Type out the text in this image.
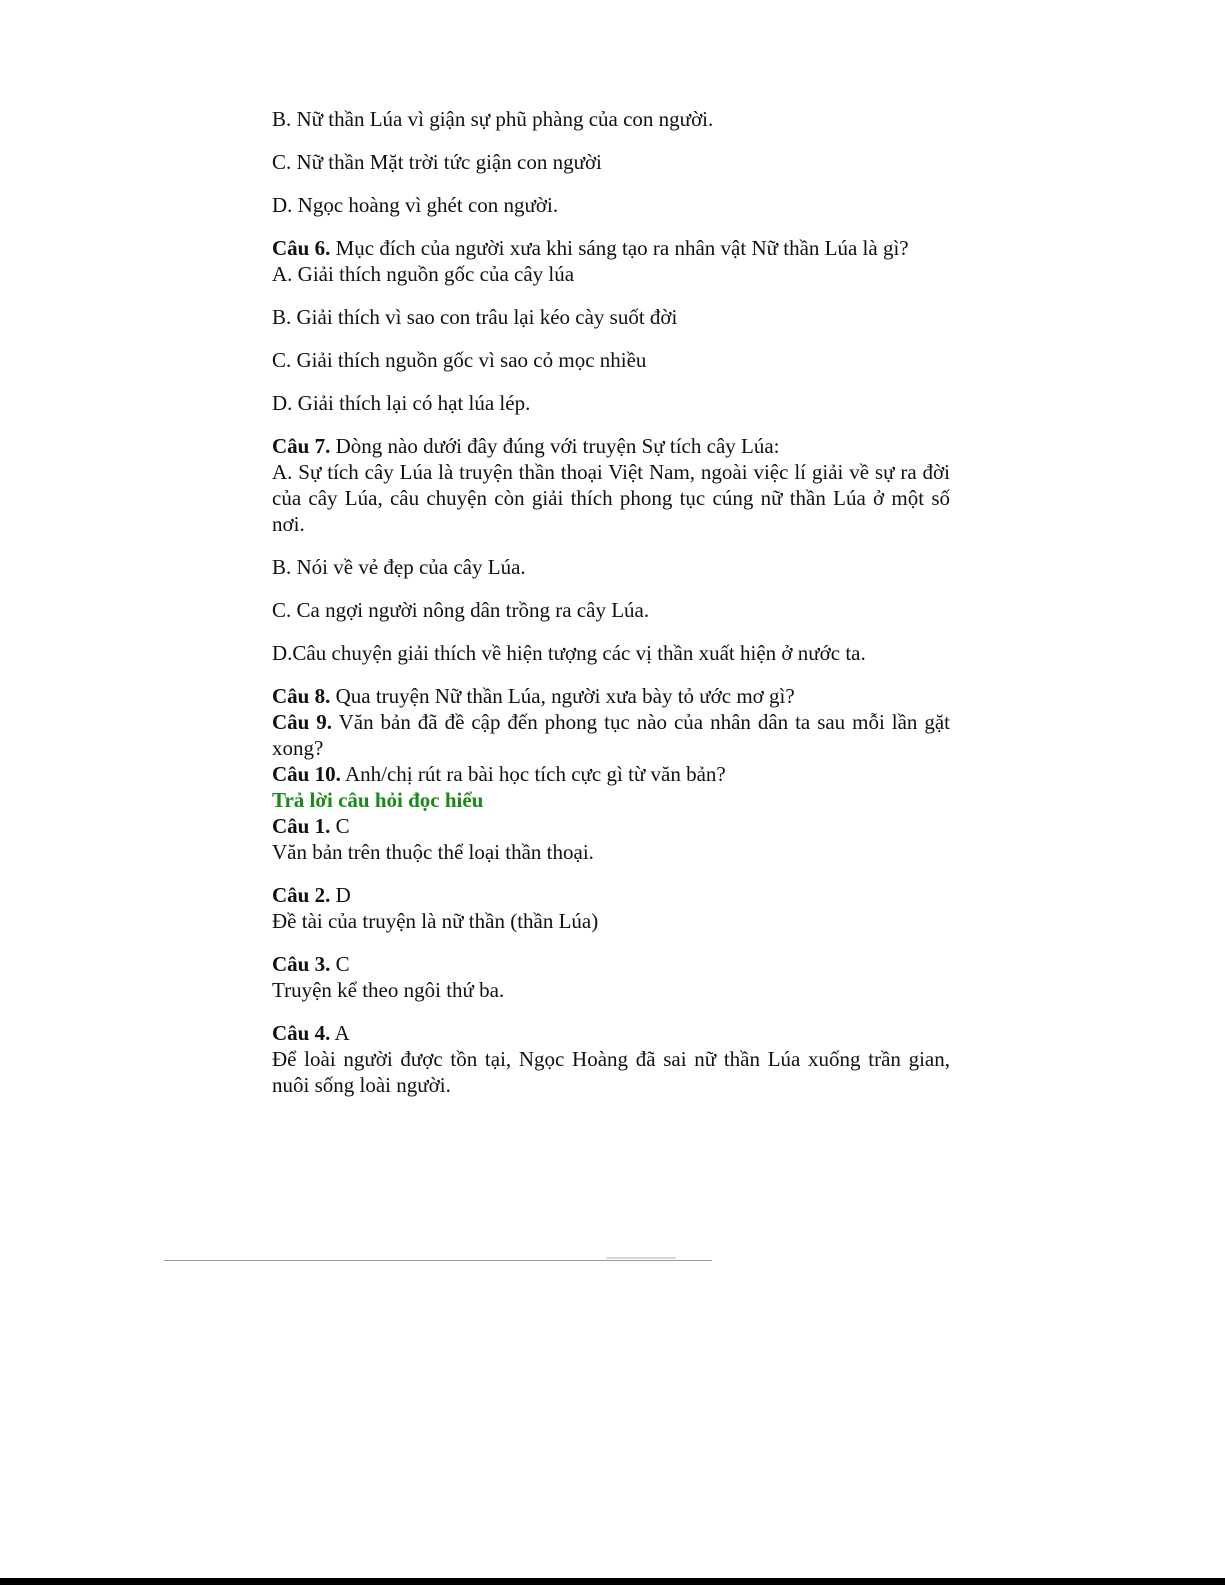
B. Nữ thần Lúa vì giận sự phũ phàng của con người.

C. Nữ thần Mặt trời tức giận con người

D. Ngọc hoàng vì ghét con người.

Câu 6. Mục đích của người xưa khi sáng tạo ra nhân vật Nữ thần Lúa là gì?

A. Giải thích nguồn gốc của cây lúa

B. Giải thích vì sao con trâu lại kéo cày suốt đời

C. Giải thích nguồn gốc vì sao cỏ mọc nhiều

D. Giải thích lại có hạt lúa lép.

Câu 7. Dòng nào dưới đây đúng với truyện Sự tích cây Lúa:

A. Sự tích cây Lúa là truyện thần thoại Việt Nam, ngoài việc lí giải về sự ra đời của cây Lúa, câu chuyện còn giải thích phong tục cúng nữ thần Lúa ở một số nơi.

B. Nói về vẻ đẹp của cây Lúa.

C. Ca ngợi người nông dân trồng ra cây Lúa.

D.Câu chuyện giải thích về hiện tượng các vị thần xuất hiện ở nước ta.

Câu 8. Qua truyện Nữ thần Lúa, người xưa bày tỏ ước mơ gì?

Câu 9. Văn bản đã đề cập đến phong tục nào của nhân dân ta sau mỗi lần gặt xong?

Câu 10. Anh/chị rút ra bài học tích cực gì từ văn bản?

Trả lời câu hỏi đọc hiểu

Câu 1. C

Văn bản trên thuộc thể loại thần thoại.

Câu 2. D

Đề tài của truyện là nữ thần (thần Lúa)

Câu 3. C

Truyện kể theo ngôi thứ ba.

Câu 4. A

Để loài người được tồn tại, Ngọc Hoàng đã sai nữ thần Lúa xuống trần gian, nuôi sống loài người.
